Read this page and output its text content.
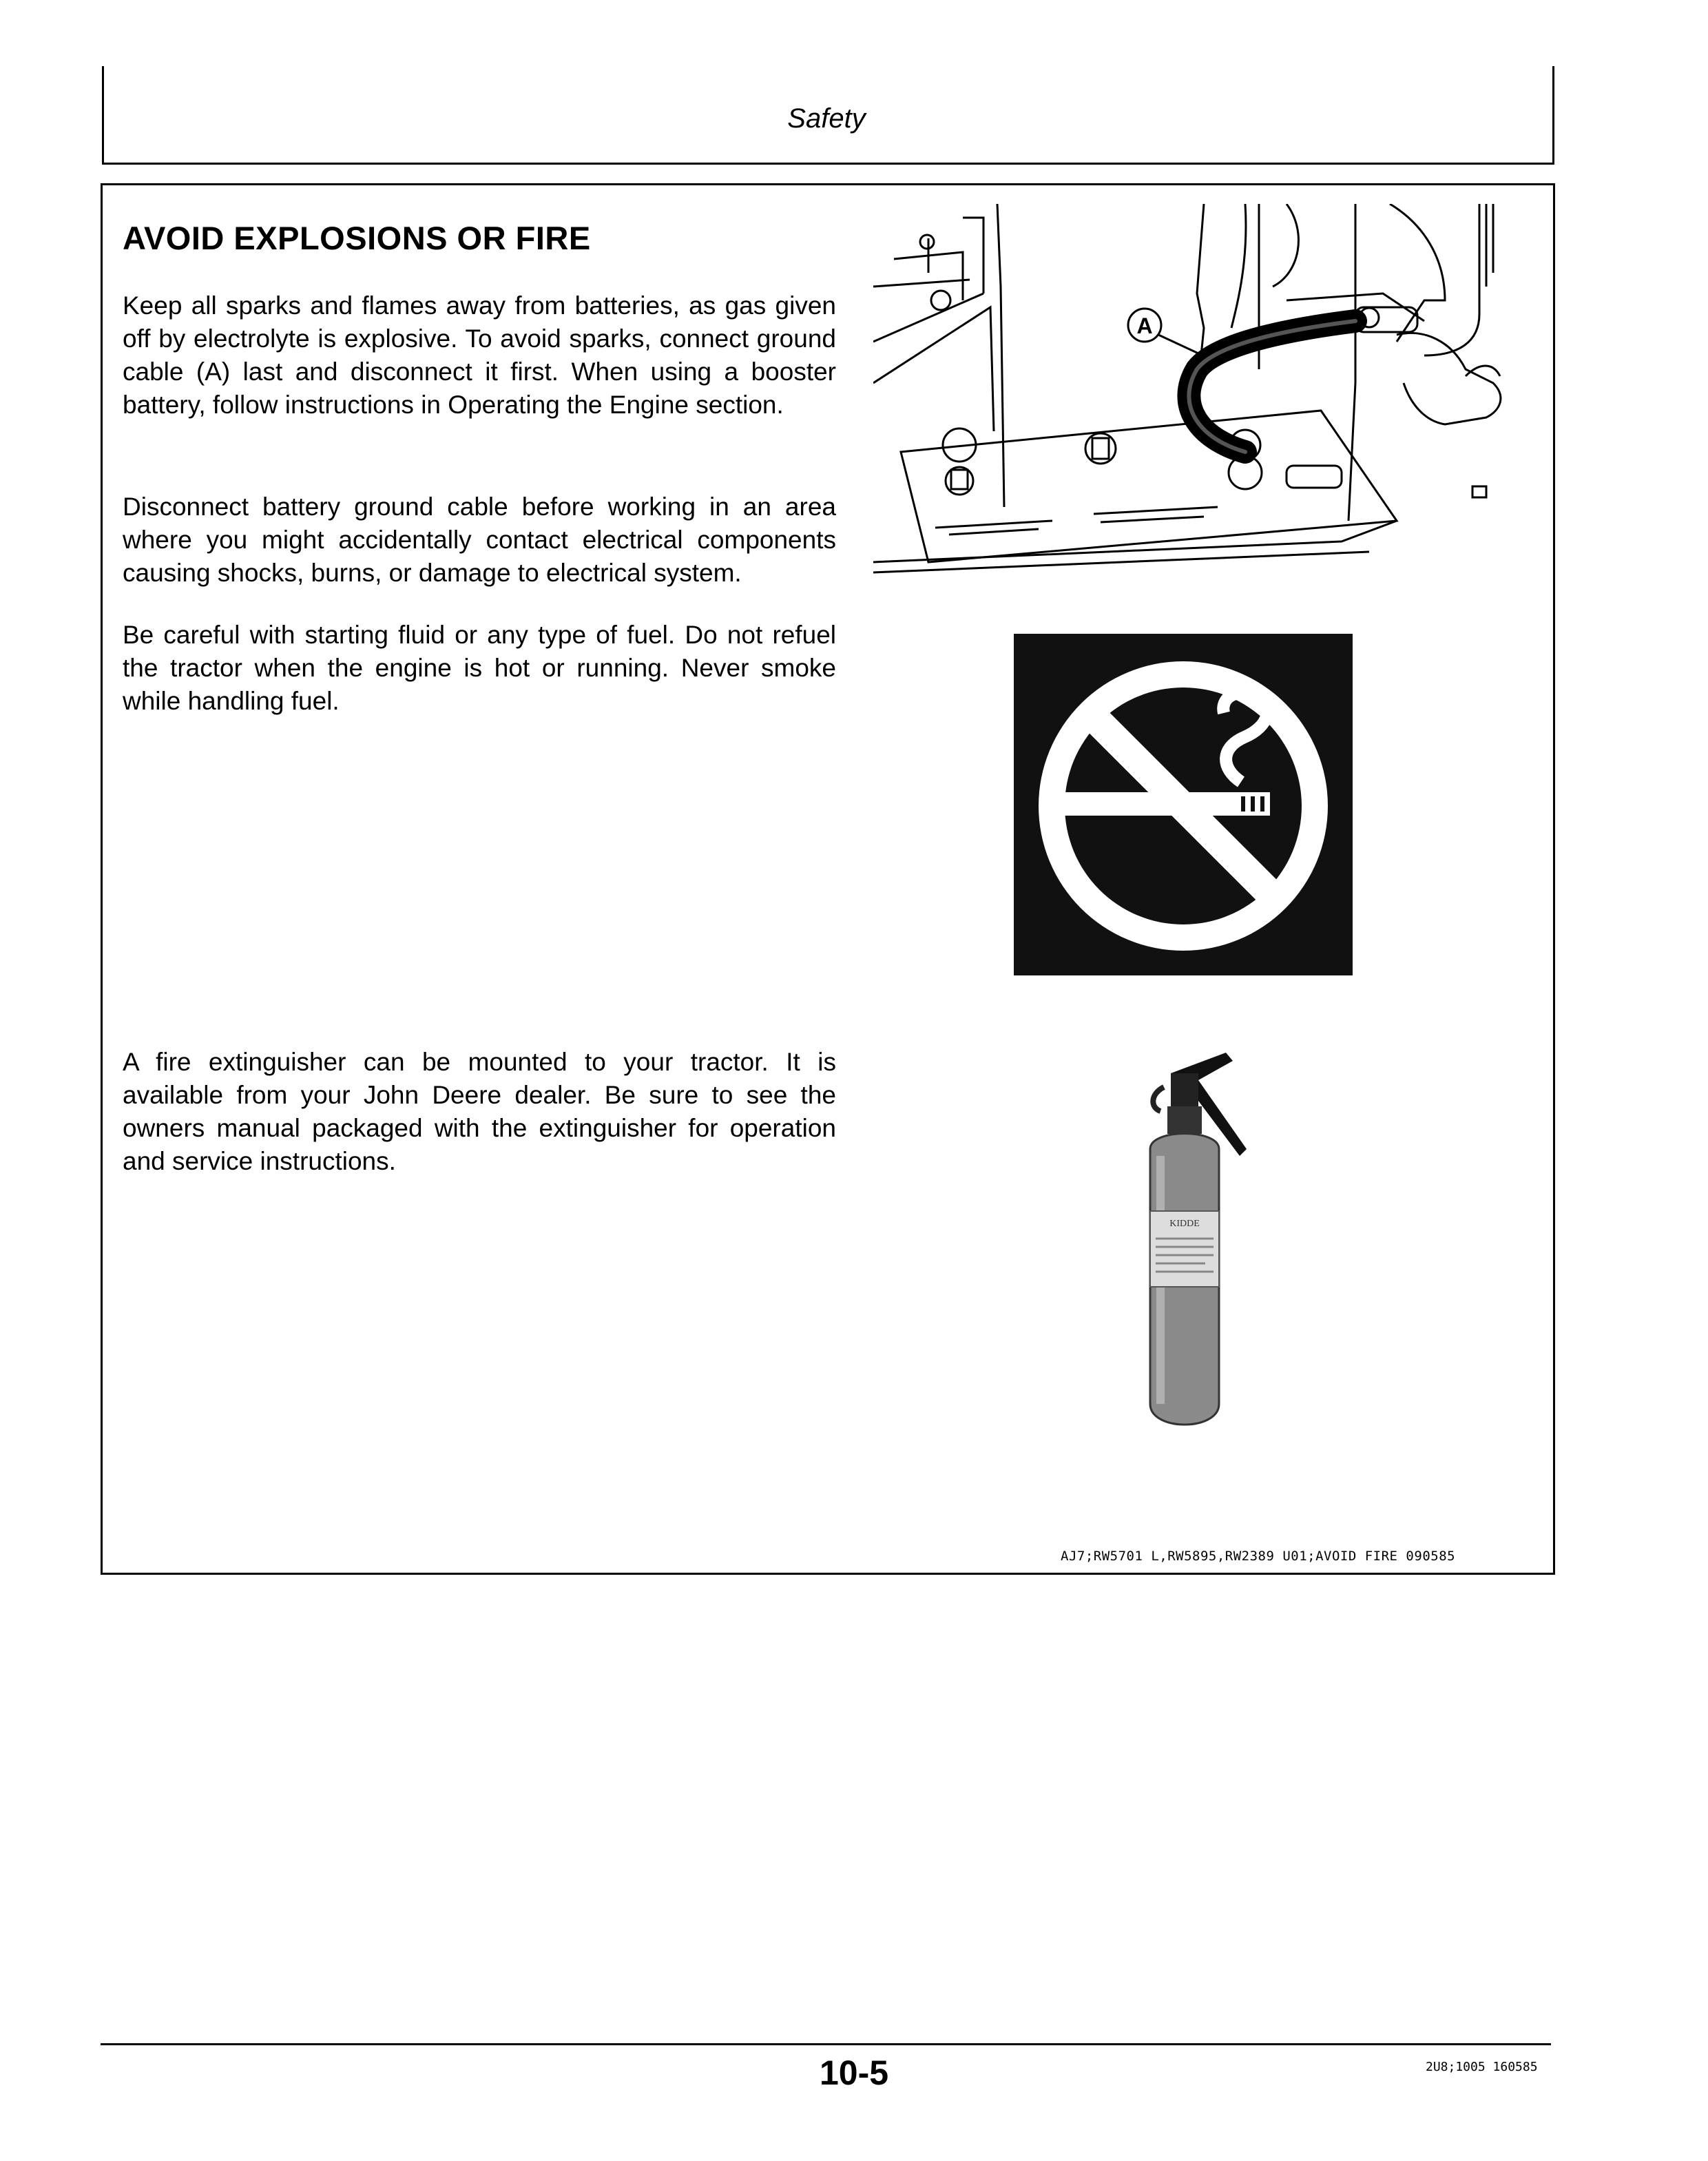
Safety
AVOID EXPLOSIONS OR FIRE

Keep all sparks and flames away from batteries, as gas given off by electrolyte is explosive. To avoid sparks, connect ground cable (A) last and disconnect it first. When using a booster battery, follow instructions in Operating the Engine section.

Disconnect battery ground cable before working in an area where you might accidentally contact electrical components causing shocks, burns, or damage to electrical system.

Be careful with starting fluid or any type of fuel. Do not refuel the tractor when the engine is hot or running. Never smoke while handling fuel.

A fire extinguisher can be mounted to your tractor. It is available from your John Deere dealer. Be sure to see the owners manual packaged with the extinguisher for operation and service instructions.

A
KIDDE
AJ7;RW5701 L,RW5895,RW2389 U01;AVOID FIRE 090585
10-5	2U8;1005 160585
